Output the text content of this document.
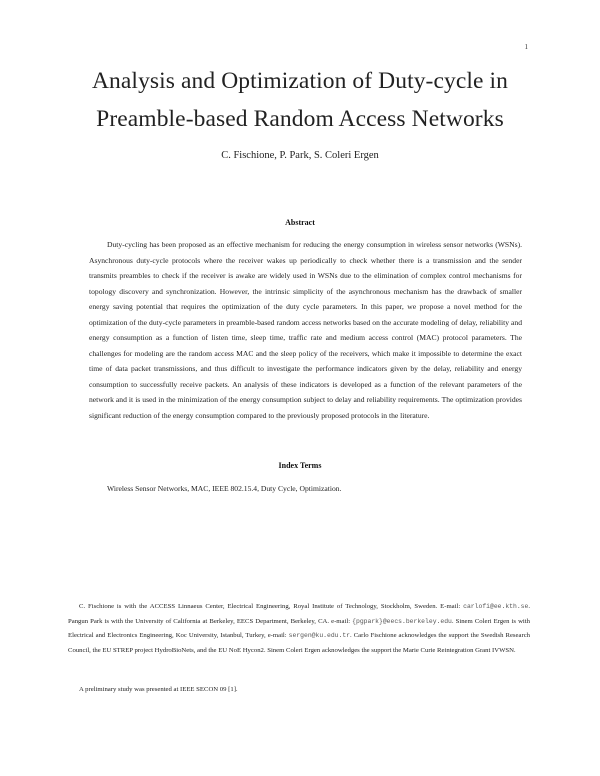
1
Analysis and Optimization of Duty-cycle in
Preamble-based Random Access Networks
C. Fischione, P. Park, S. Coleri Ergen
Abstract
Duty-cycling has been proposed as an effective mechanism for reducing the energy consumption in wireless sensor networks (WSNs). Asynchronous duty-cycle protocols where the receiver wakes up periodically to check whether there is a transmission and the sender transmits preambles to check if the receiver is awake are widely used in WSNs due to the elimination of complex control mechanisms for topology discovery and synchronization. However, the intrinsic simplicity of the asynchronous mechanism has the drawback of smaller energy saving potential that requires the optimization of the duty cycle parameters. In this paper, we propose a novel method for the optimization of the duty-cycle parameters in preamble-based random access networks based on the accurate modeling of delay, reliability and energy consumption as a function of listen time, sleep time, traffic rate and medium access control (MAC) protocol parameters. The challenges for modeling are the random access MAC and the sleep policy of the receivers, which make it impossible to determine the exact time of data packet transmissions, and thus difficult to investigate the performance indicators given by the delay, reliability and energy consumption to successfully receive packets. An analysis of these indicators is developed as a function of the relevant parameters of the network and it is used in the minimization of the energy consumption subject to delay and reliability requirements. The optimization provides significant reduction of the energy consumption compared to the previously proposed protocols in the literature.
Index Terms
Wireless Sensor Networks, MAC, IEEE 802.15.4, Duty Cycle, Optimization.
C. Fischione is with the ACCESS Linnaeus Center, Electrical Engineering, Royal Institute of Technology, Stockholm, Sweden. E-mail: carlofi@ee.kth.se. Pangun Park is with the University of California at Berkeley, EECS Department, Berkeley, CA. e-mail: {pgpark}@eecs.berkeley.edu. Sinem Coleri Ergen is with Electrical and Electronics Engineering, Koc University, Istanbul, Turkey, e-mail: sergen@ku.edu.tr. Carlo Fischione acknowledges the support the Swedish Research Council, the EU STREP project HydroBioNets, and the EU NoE Hycon2. Sinem Coleri Ergen acknowledges the support the Marie Curie Reintegration Grant IVWSN.
A preliminary study was presented at IEEE SECON 09 [1].
